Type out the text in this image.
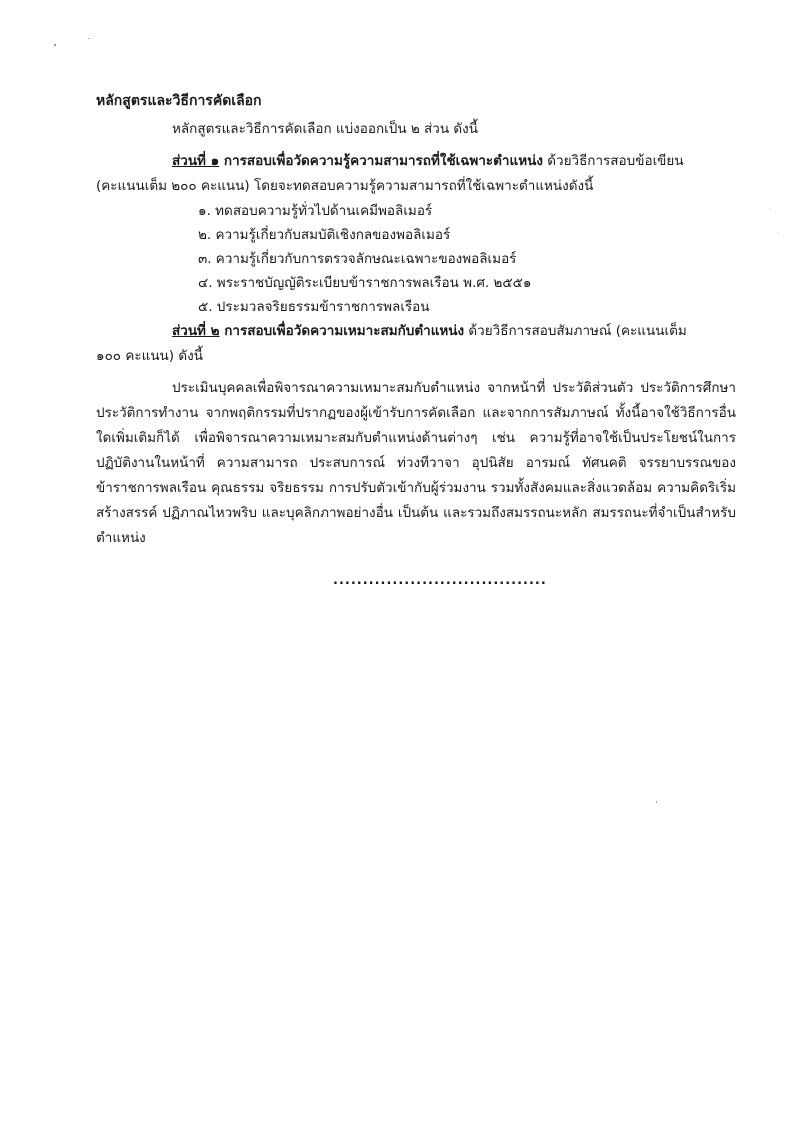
หลักสูตรและวิธีการคัดเลือก
หลักสูตรและวิธีการคัดเลือก แบ่งออกเป็น ๒ ส่วน ดังนี้
ส่วนที่ ๑ การสอบเพื่อวัดความรู้ความสามารถที่ใช้เฉพาะตำแหน่ง ด้วยวิธีการสอบข้อเขียน
(คะแนนเต็ม ๒๐๐ คะแนน) โดยจะทดสอบความรู้ความสามารถที่ใช้เฉพาะตำแหน่งดังนี้
๑. ทดสอบความรู้ทั่วไปด้านเคมีพอลิเมอร์
๒. ความรู้เกี่ยวกับสมบัติเชิงกลของพอลิเมอร์
๓. ความรู้เกี่ยวกับการตรวจลักษณะเฉพาะของพอลิเมอร์
๔. พระราชบัญญัติระเบียบข้าราชการพลเรือน พ.ศ. ๒๕๕๑
๕. ประมวลจริยธรรมข้าราชการพลเรือน
ส่วนที่ ๒ การสอบเพื่อวัดความเหมาะสมกับตำแหน่ง ด้วยวิธีการสอบสัมภาษณ์ (คะแนนเต็ม
๑๐๐ คะแนน) ดังนี้
ประเมินบุคคลเพื่อพิจารณาความเหมาะสมกับตำแหน่ง จากหน้าที่ ประวัติส่วนตัว ประวัติการศึกษา ประวัติการทำงาน จากพฤติกรรมที่ปรากฏของผู้เข้ารับการคัดเลือก และจากการสัมภาษณ์ ทั้งนี้อาจใช้วิธีการอื่นใดเพิ่มเติมก็ได้ เพื่อพิจารณาความเหมาะสมกับตำแหน่งด้านต่างๆ เช่น ความรู้ที่อาจใช้เป็นประโยชน์ในการปฏิบัติงานในหน้าที่ ความสามารถ ประสบการณ์ ท่วงทีวาจา อุปนิสัย อารมณ์ ทัศนคติ จรรยาบรรณของ ข้าราชการพลเรือน คุณธรรม จริยธรรม การปรับตัวเข้ากับผู้ร่วมงาน รวมทั้งสังคมและสิ่งแวดล้อม ความคิดริเริ่ม สร้างสรรค์ ปฏิภาณไหวพริบ และบุคลิกภาพอย่างอื่น เป็นต้น และรวมถึงสมรรถนะหลัก สมรรถนะที่จำเป็นสำหรับ ตำแหน่ง
....................................
